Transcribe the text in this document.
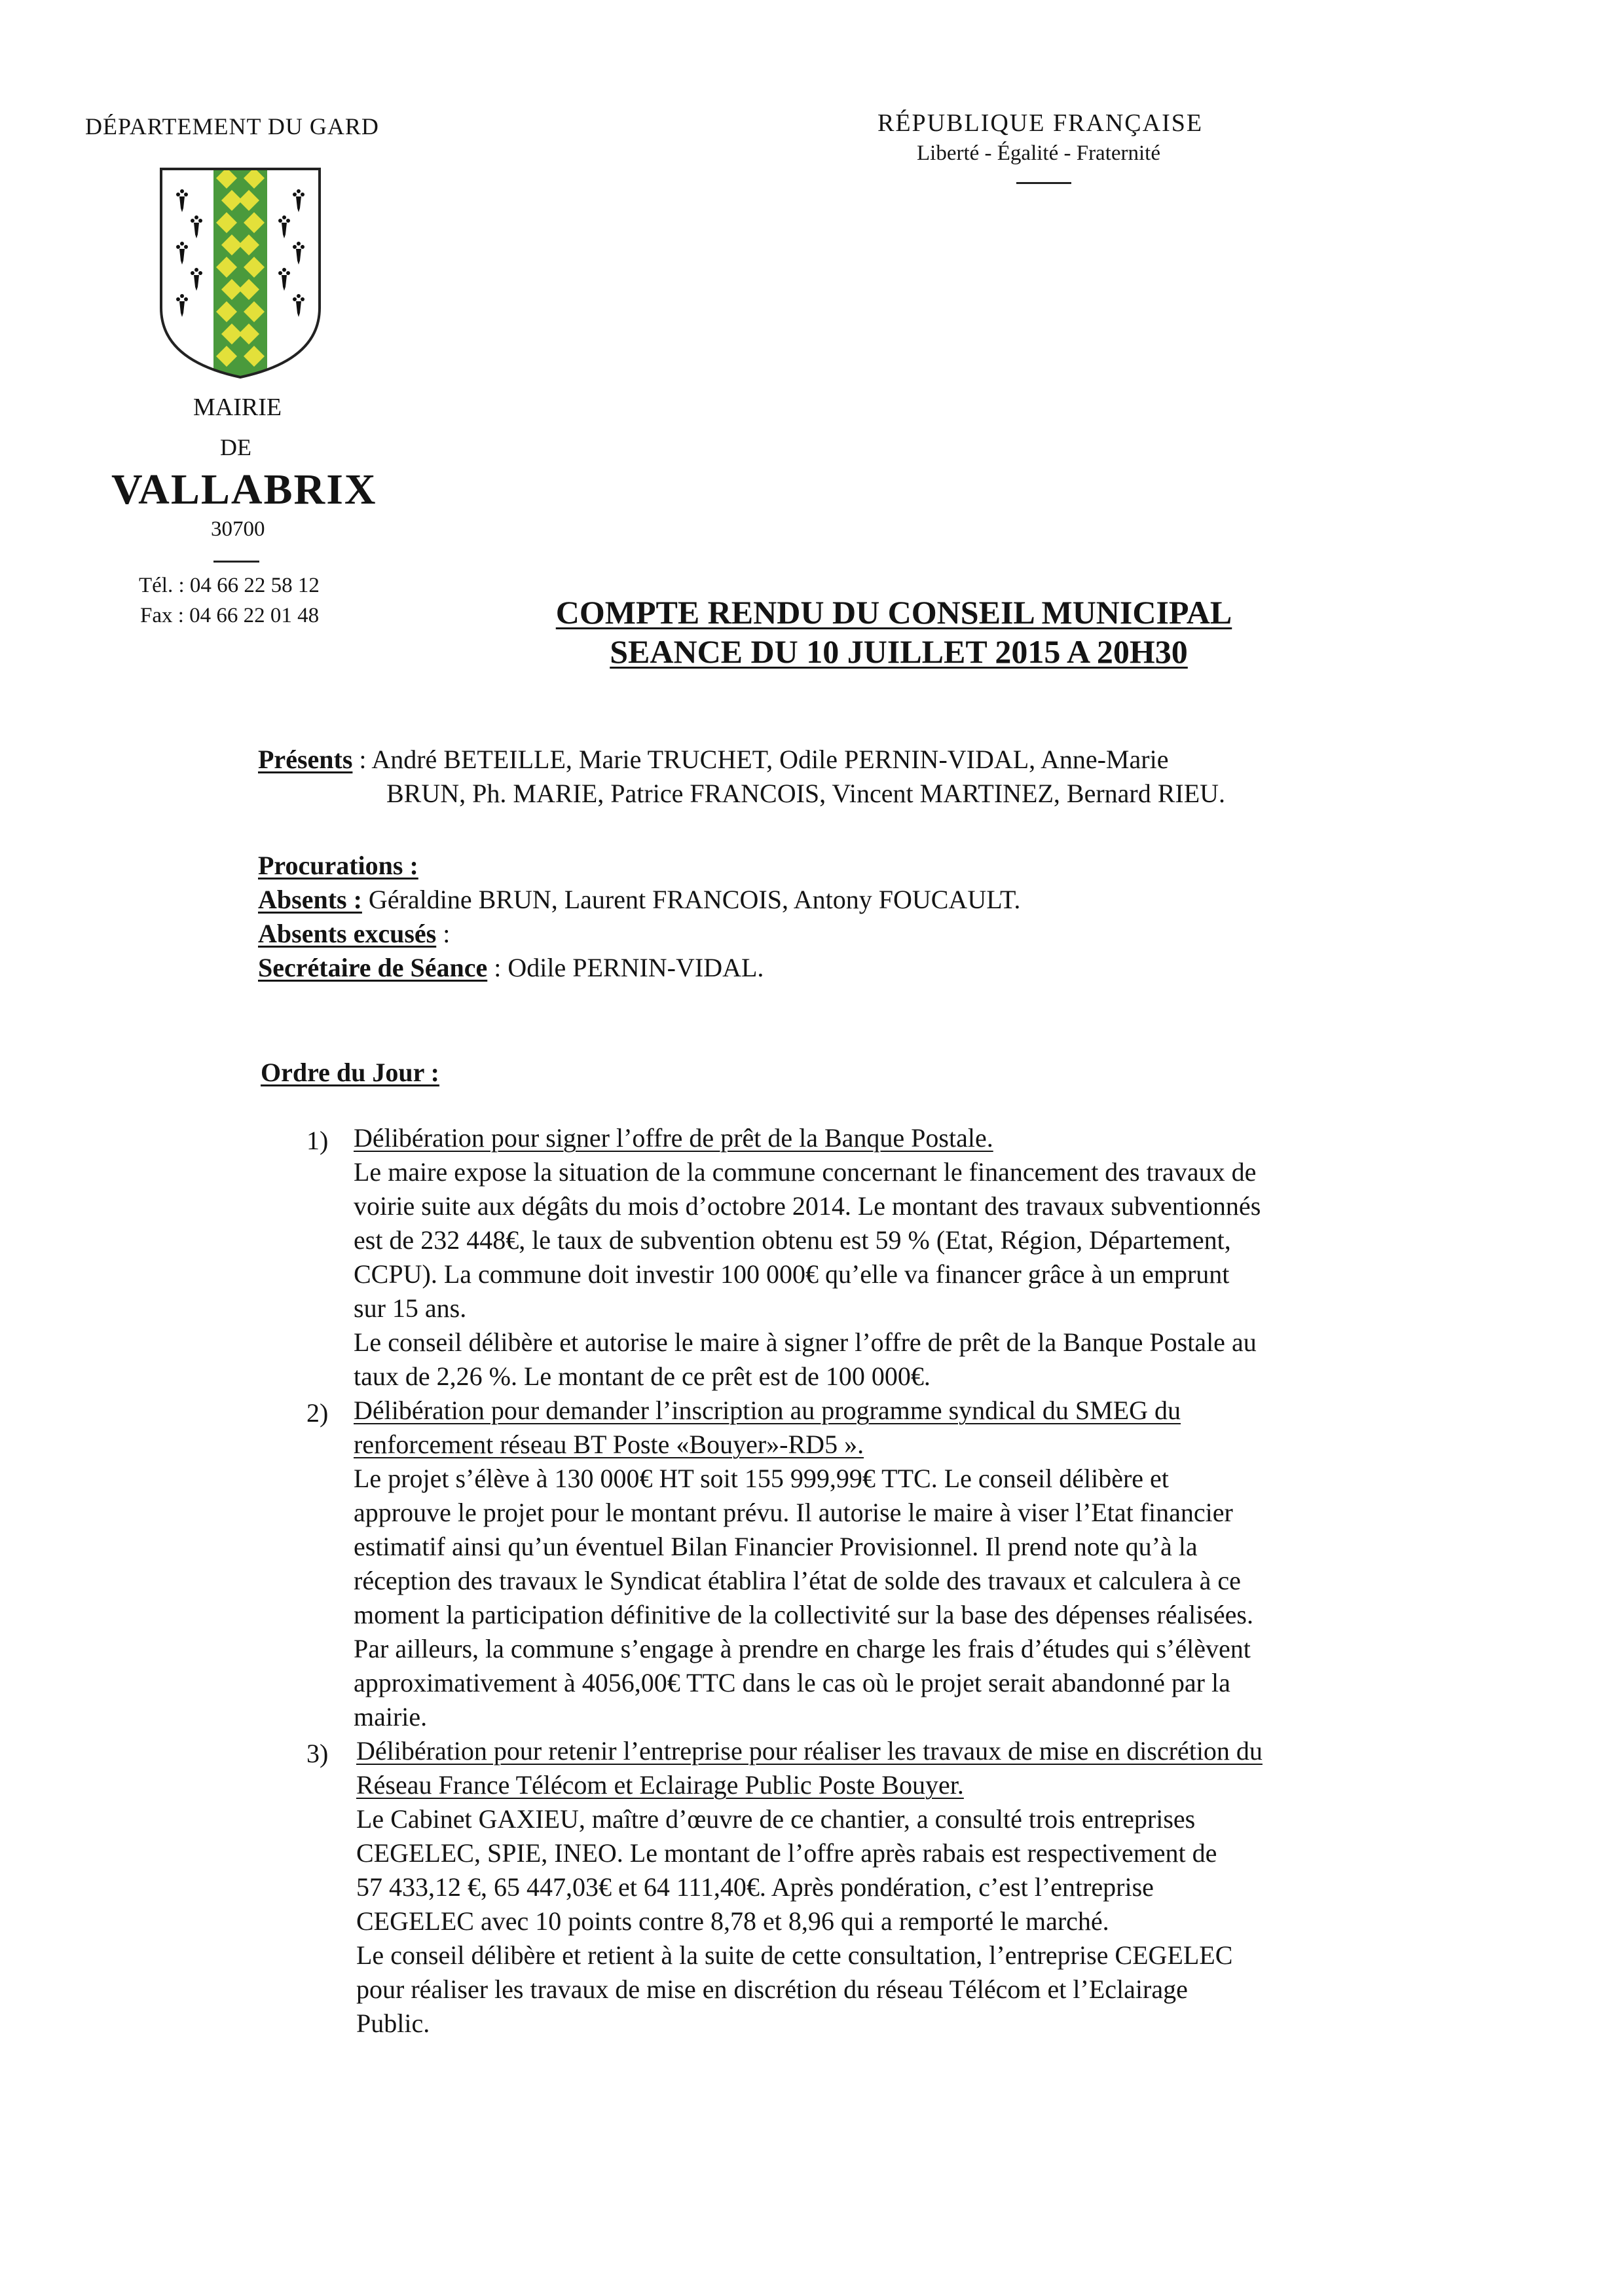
DÉPARTEMENT DU GARD
MAIRIE
DE
VALLABRIX
30700
Tél. : 04 66 22 58 12
Fax : 04 66 22 01 48
RÉPUBLIQUE FRANÇAISE
Liberté - Égalité - Fraternité
COMPTE RENDU DU CONSEIL MUNICIPAL
SEANCE DU 10 JUILLET 2015 A 20H30
Présents : André BETEILLE, Marie TRUCHET, Odile PERNIN-VIDAL, Anne-Marie
BRUN, Ph. MARIE, Patrice FRANCOIS, Vincent MARTINEZ, Bernard RIEU.
Procurations :
Absents : Géraldine BRUN, Laurent FRANCOIS, Antony FOUCAULT.
Absents excusés :
Secrétaire de Séance : Odile PERNIN-VIDAL.
Ordre du Jour :
1) Délibération pour signer l’offre de prêt de la Banque Postale.
Le maire expose la situation de la commune concernant le financement des travaux de
voirie suite aux dégâts du mois d’octobre 2014. Le montant des travaux subventionnés
est de 232 448€, le taux de subvention obtenu est 59 % (Etat, Région, Département,
CCPU). La commune doit investir 100 000€ qu’elle va financer grâce à un emprunt
sur 15 ans.
Le conseil délibère et autorise le maire à signer l’offre de prêt de la Banque Postale au
taux de 2,26 %. Le montant de ce prêt est de 100 000€.
2) Délibération pour demander l’inscription au programme syndical du SMEG du
renforcement réseau BT Poste «Bouyer»-RD5 ».
Le projet s’élève à 130 000€ HT soit 155 999,99€ TTC. Le conseil délibère et
approuve le projet pour le montant prévu. Il autorise le maire à viser l’Etat financier
estimatif ainsi qu’un éventuel Bilan Financier Provisionnel. Il prend note qu’à la
réception des travaux le Syndicat établira l’état de solde des travaux et calculera à ce
moment la participation définitive de la collectivité sur la base des dépenses réalisées.
Par ailleurs, la commune s’engage à prendre en charge les frais d’études qui s’élèvent
approximativement à 4056,00€ TTC dans le cas où le projet serait abandonné par la
mairie.
3) Délibération pour retenir l’entreprise pour réaliser les travaux de mise en discrétion du
Réseau France Télécom et Eclairage Public Poste Bouyer.
Le Cabinet GAXIEU, maître d’œuvre de ce chantier, a consulté trois entreprises
CEGELEC, SPIE, INEO. Le montant de l’offre après rabais est respectivement de
57 433,12 €, 65 447,03€ et 64 111,40€. Après pondération, c’est l’entreprise
CEGELEC avec 10 points contre 8,78 et 8,96 qui a remporté le marché.
Le conseil délibère et retient à la suite de cette consultation, l’entreprise CEGELEC
pour réaliser les travaux de mise en discrétion du réseau Télécom et l’Eclairage
Public.
